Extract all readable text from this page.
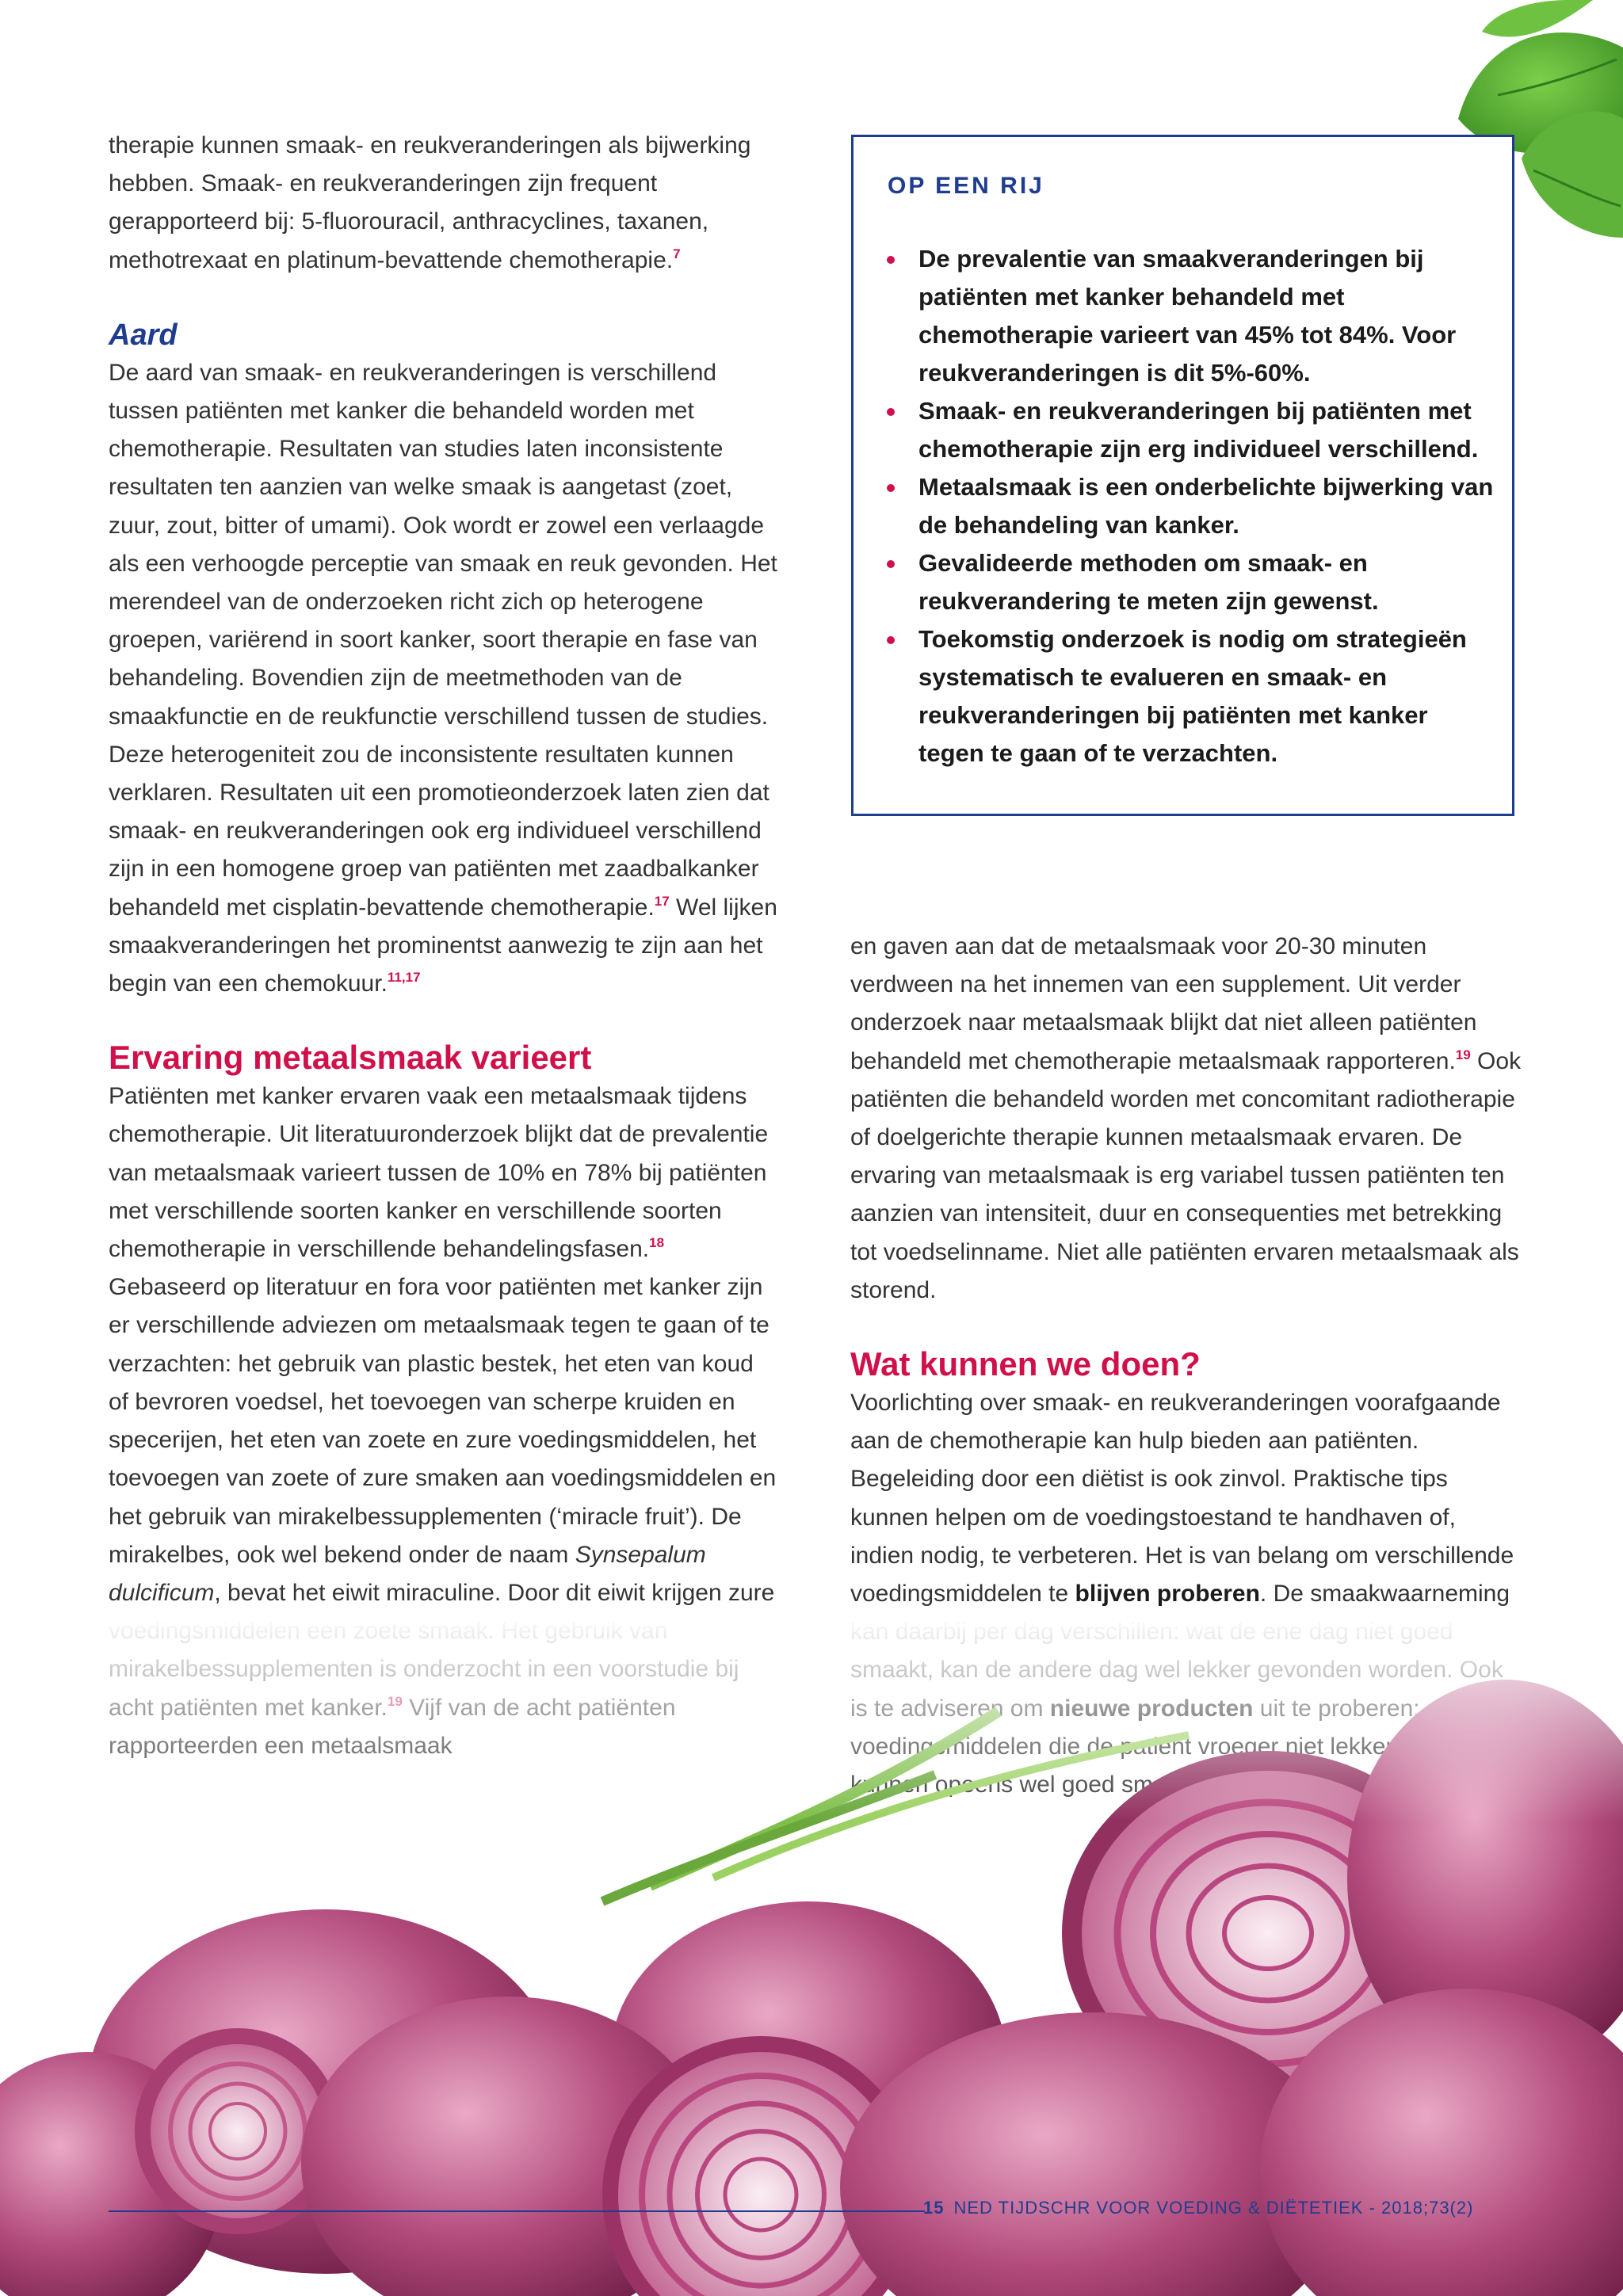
therapie kunnen smaak- en reukveranderingen als bijwerking hebben. Smaak- en reukveranderingen zijn frequent gerapporteerd bij: 5-fluorouracil, anthracyclines, taxanen, methotrexaat en platinum-bevattende chemotherapie.$^7$

Aard

De aard van smaak- en reukveranderingen is verschillend tussen patiënten met kanker die behandeld worden met chemotherapie. Resultaten van studies laten inconsistente resultaten ten aanzien van welke smaak is aangetast (zoet, zuur, zout, bitter of umami). Ook wordt er zowel een verlaagde als een verhoogde perceptie van smaak en reuk gevonden. Het merendeel van de onderzoeken richt zich op heterogene groepen, variërend in soort kanker, soort therapie en fase van behandeling. Bovendien zijn de meetmethoden van de smaakfunctie en de reukfunctie verschillend tussen de studies. Deze heterogeniteit zou de inconsistente resultaten kunnen verklaren. Resultaten uit een promotieonderzoek laten zien dat smaak- en reukveranderingen ook erg individueel verschillend zijn in een homogene groep van patiënten met zaadbalkanker behandeld met cisplatin-bevattende chemotherapie.$^{17}$ Wel lijken smaakveranderingen het prominentst aanwezig te zijn aan het begin van een chemokuur.$^{11,17}$

Ervaring metaalsmaak varieert

Patiënten met kanker ervaren vaak een metaalsmaak tijdens chemotherapie. Uit literatuuronderzoek blijkt dat de prevalentie van metaalsmaak varieert tussen de 10% en 78% bij patiënten met verschillende soorten kanker en verschillende soorten chemotherapie in verschillende behandelingsfasen.$^{18}$ Gebaseerd op literatuur en fora voor patiënten met kanker zijn er verschillende adviezen om metaalsmaak tegen te gaan of te verzachten: het gebruik van plastic bestek, het eten van koud of bevroren voedsel, het toevoegen van scherpe kruiden en specerijen, het eten van zoete en zure voedingsmiddelen, het toevoegen van zoete of zure smaken aan voedingsmiddelen en het gebruik van mirakelbessupplementen (‘miracle fruit’). De mirakelbes, ook wel bekend onder de naam Synsepalum dulcificum, bevat het eiwit miraculine. Door dit eiwit krijgen zure

OP EEN RIJ
De prevalentie van smaakveranderingen bij patiënten met kanker behandeld met chemotherapie varieert van 45% tot 84%. Voor reukveranderingen is dit 5%-60%.
Smaak- en reukveranderingen bij patiënten met chemotherapie zijn erg individueel verschillend.
Metaalsmaak is een onderbelichte bijwerking van de behandeling van kanker.
Gevalideerde methoden om smaak- en reukverandering te meten zijn gewenst.
Toekomstig onderzoek is nodig om strategieën systematisch te evalueren en smaak- en reukveranderingen bij patiënten met kanker tegen te gaan of te verzachten.

en gaven aan dat de metaalsmaak voor 20-30 minuten verdween na het innemen van een supplement. Uit verder onderzoek naar metaalsmaak blijkt dat niet alleen patiënten behandeld met chemotherapie metaalsmaak rapporteren.$^{19}$ Ook patiënten die behandeld worden met concomitant radiotherapie of doelgerichte therapie kunnen metaalsmaak ervaren. De ervaring van metaalsmaak is erg variabel tussen patiënten ten aanzien van intensiteit, duur en consequenties met betrekking tot voedselinname. Niet alle patiënten ervaren metaalsmaak als storend.

Wat kunnen we doen?

Voorlichting over smaak- en reukveranderingen voorafgaande aan de chemotherapie kan hulp bieden aan patiënten. Begeleiding door een diëtist is ook zinvol. Praktische tips kunnen helpen om de voedingstoestand te handhaven of, indien nodig, te verbeteren. Het is van belang om verschillende voedingsmiddelen te blijven proberen. De smaakwaarneming

15 NED TIJDSCHR VOOR VOEDING & DIËTETIEK - 2018;73(2)
